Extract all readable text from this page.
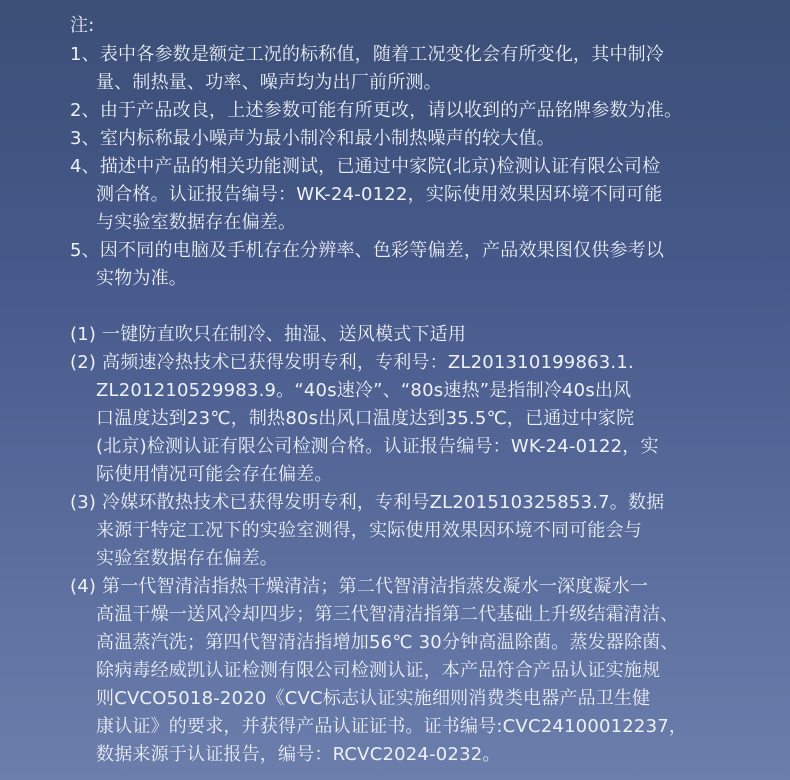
注:
1、表中各参数是额定工况的标称值，随着工况变化会有所变化，其中制冷
量、制热量、功率、噪声均为出厂前所测。
2、由于产品改良，上述参数可能有所更改，请以收到的产品铭牌参数为准。
3、室内标称最小噪声为最小制冷和最小制热噪声的较大值。
4、描述中产品的相关功能测试，已通过中家院(北京)检测认证有限公司检
测合格。认证报告编号：WK-24-0122，实际使用效果因环境不同可能
与实验室数据存在偏差。
5、因不同的电脑及手机存在分辨率、色彩等偏差，产品效果图仅供参考以
实物为准。
(1) 一键防直吹只在制冷、抽湿、送风模式下适用
(2) 高频速冷热技术已获得发明专利，专利号：ZL201310199863.1.
ZL201210529983.9。“40s速冷”、“80s速热”是指制冷40s出风
口温度达到23℃，制热80s出风口温度达到35.5℃，已通过中家院
(北京)检测认证有限公司检测合格。认证报告编号：WK-24-0122，实
际使用情况可能会存在偏差。
(3) 冷媒环散热技术已获得发明专利，专利号ZL201510325853.7。数据
来源于特定工况下的实验室测得，实际使用效果因环境不同可能会与
实验室数据存在偏差。
(4) 第一代智清洁指热干燥清洁；第二代智清洁指蒸发凝水一深度凝水一
高温干燥一送风冷却四步；第三代智清洁指第二代基础上升级结霜清洁、
高温蒸汽洗；第四代智清洁指增加56℃ 30分钟高温除菌。蒸发器除菌、
除病毒经威凯认证检测有限公司检测认证，本产品符合产品认证实施规
则CVCO5018-2020《CVC标志认证实施细则消费类电器产品卫生健
康认证》的要求，并获得产品认证证书。证书编号:CVC24100012237，
数据来源于认证报告，编号：RCVC2024-0232。
